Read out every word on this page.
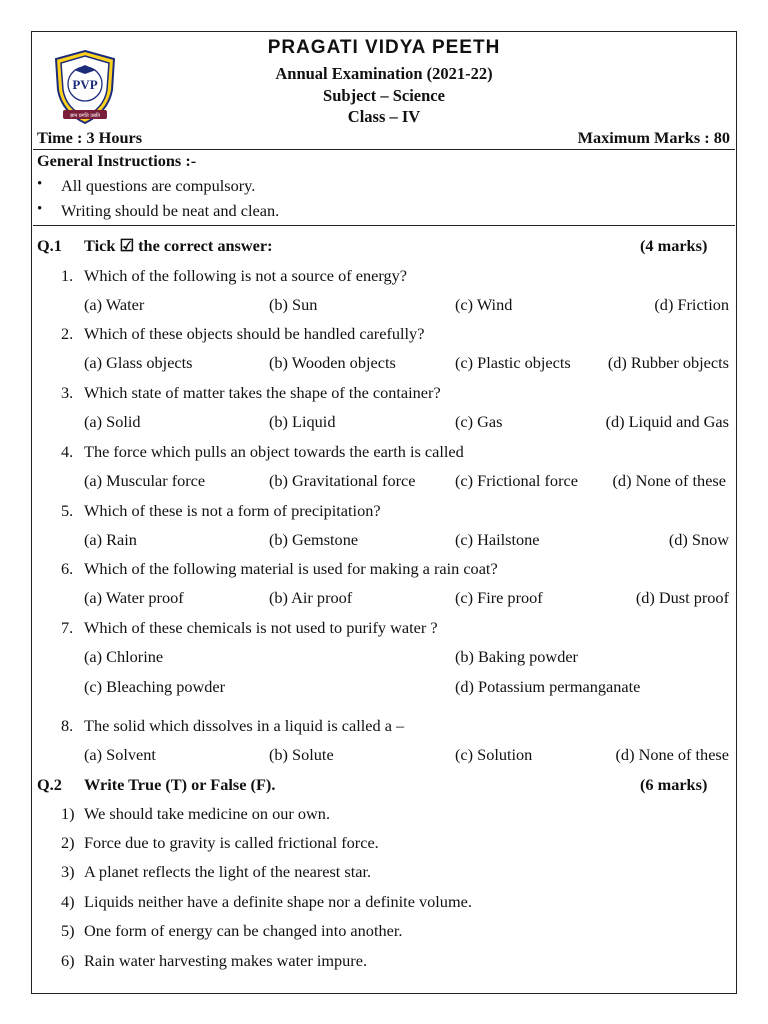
PVP
ज्ञान प्रगति उन्नति
PRAGATI VIDYA PEETH
Annual Examination (2021-22)
Subject – Science
Class – IV
Time : 3 Hours	Maximum Marks : 80
General Instructions :-
• All questions are compulsory.
• Writing should be neat and clean.
Q.1 Tick ☑ the correct answer:	(4 marks)
1. Which of the following is not a source of energy?
(a) Water	(b) Sun	(c) Wind	(d) Friction
2. Which of these objects should be handled carefully?
(a) Glass objects	(b) Wooden objects	(c) Plastic objects (d) Rubber objects
3. Which state of matter takes the shape of the container?
(a) Solid	(b) Liquid	(c) Gas	(d) Liquid and Gas
4. The force which pulls an object towards the earth is called
(a) Muscular force	(b) Gravitational force (c) Frictional force (d) None of these
5. Which of these is not a form of precipitation?
(a) Rain	(b) Gemstone	(c) Hailstone	(d) Snow
6. Which of the following material is used for making a rain coat?
(a) Water proof	(b) Air proof	(c) Fire proof	(d) Dust proof
7. Which of these chemicals is not used to purify water ?
(a) Chlorine	(b) Baking powder
(c) Bleaching powder	(d) Potassium permanganate
8. The solid which dissolves in a liquid is called a –
(a) Solvent	(b) Solute	(c) Solution	(d) None of these
Q.2 Write True (T) or False (F).	(6 marks)
1) We should take medicine on our own.
2) Force due to gravity is called frictional force.
3) A planet reflects the light of the nearest star.
4) Liquids neither have a definite shape nor a definite volume.
5) One form of energy can be changed into another.
6) Rain water harvesting makes water impure.
